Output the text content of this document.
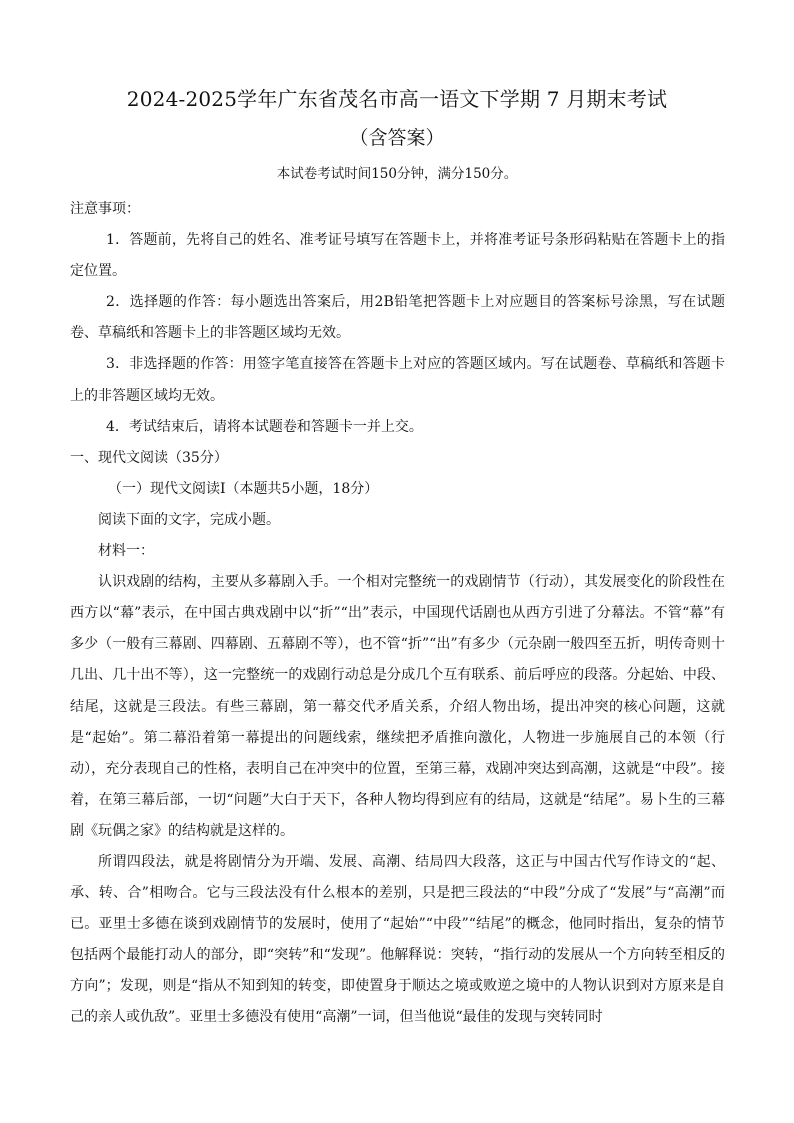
2024-2025学年广东省茂名市高一语文下学期 7 月期末考试
（含答案）
本试卷考试时间150分钟，满分150分。

注意事项：

1．答题前，先将自己的姓名、准考证号填写在答题卡上，并将准考证号条形码粘贴在答题卡上的指定位置。

2．选择题的作答：每小题选出答案后，用2B铅笔把答题卡上对应题目的答案标号涂黑，写在试题卷、草稿纸和答题卡上的非答题区域均无效。

3．非选择题的作答：用签字笔直接答在答题卡上对应的答题区域内。写在试题卷、草稿纸和答题卡上的非答题区域均无效。

4．考试结束后，请将本试题卷和答题卡一并上交。

一、现代文阅读（35分）

（一）现代文阅读Ⅰ（本题共5小题，18分）

阅读下面的文字，完成小题。

材料一：

认识戏剧的结构，主要从多幕剧入手。一个相对完整统一的戏剧情节（行动），其发展变化的阶段性在西方以“幕”表示，在中国古典戏剧中以“折”“出”表示，中国现代话剧也从西方引进了分幕法。不管“幕”有多少（一般有三幕剧、四幕剧、五幕剧不等），也不管“折”“出”有多少（元杂剧一般四至五折，明传奇则十几出、几十出不等），这一完整统一的戏剧行动总是分成几个互有联系、前后呼应的段落。分起始、中段、结尾，这就是三段法。有些三幕剧，第一幕交代矛盾关系，介绍人物出场，提出冲突的核心问题，这就是“起始”。第二幕沿着第一幕提出的问题线索，继续把矛盾推向激化，人物进一步施展自己的本领（行动），充分表现自己的性格，表明自己在冲突中的位置，至第三幕，戏剧冲突达到高潮，这就是“中段”。接着，在第三幕后部，一切“问题”大白于天下，各种人物均得到应有的结局，这就是“结尾”。易卜生的三幕剧《玩偶之家》的结构就是这样的。

所谓四段法，就是将剧情分为开端、发展、高潮、结局四大段落，这正与中国古代写作诗文的“起、承、转、合”相吻合。它与三段法没有什么根本的差别，只是把三段法的“中段”分成了“发展”与“高潮”而已。亚里士多德在谈到戏剧情节的发展时，使用了“起始”“中段”“结尾”的概念，他同时指出，复杂的情节包括两个最能打动人的部分，即“突转”和“发现”。他解释说：突转，“指行动的发展从一个方向转至相反的方向”；发现，则是“指从不知到知的转变，即使置身于顺达之境或败逆之境中的人物认识到对方原来是自己的亲人或仇敌”。亚里士多德没有使用“高潮”一词，但当他说“最佳的发现与突转同时
